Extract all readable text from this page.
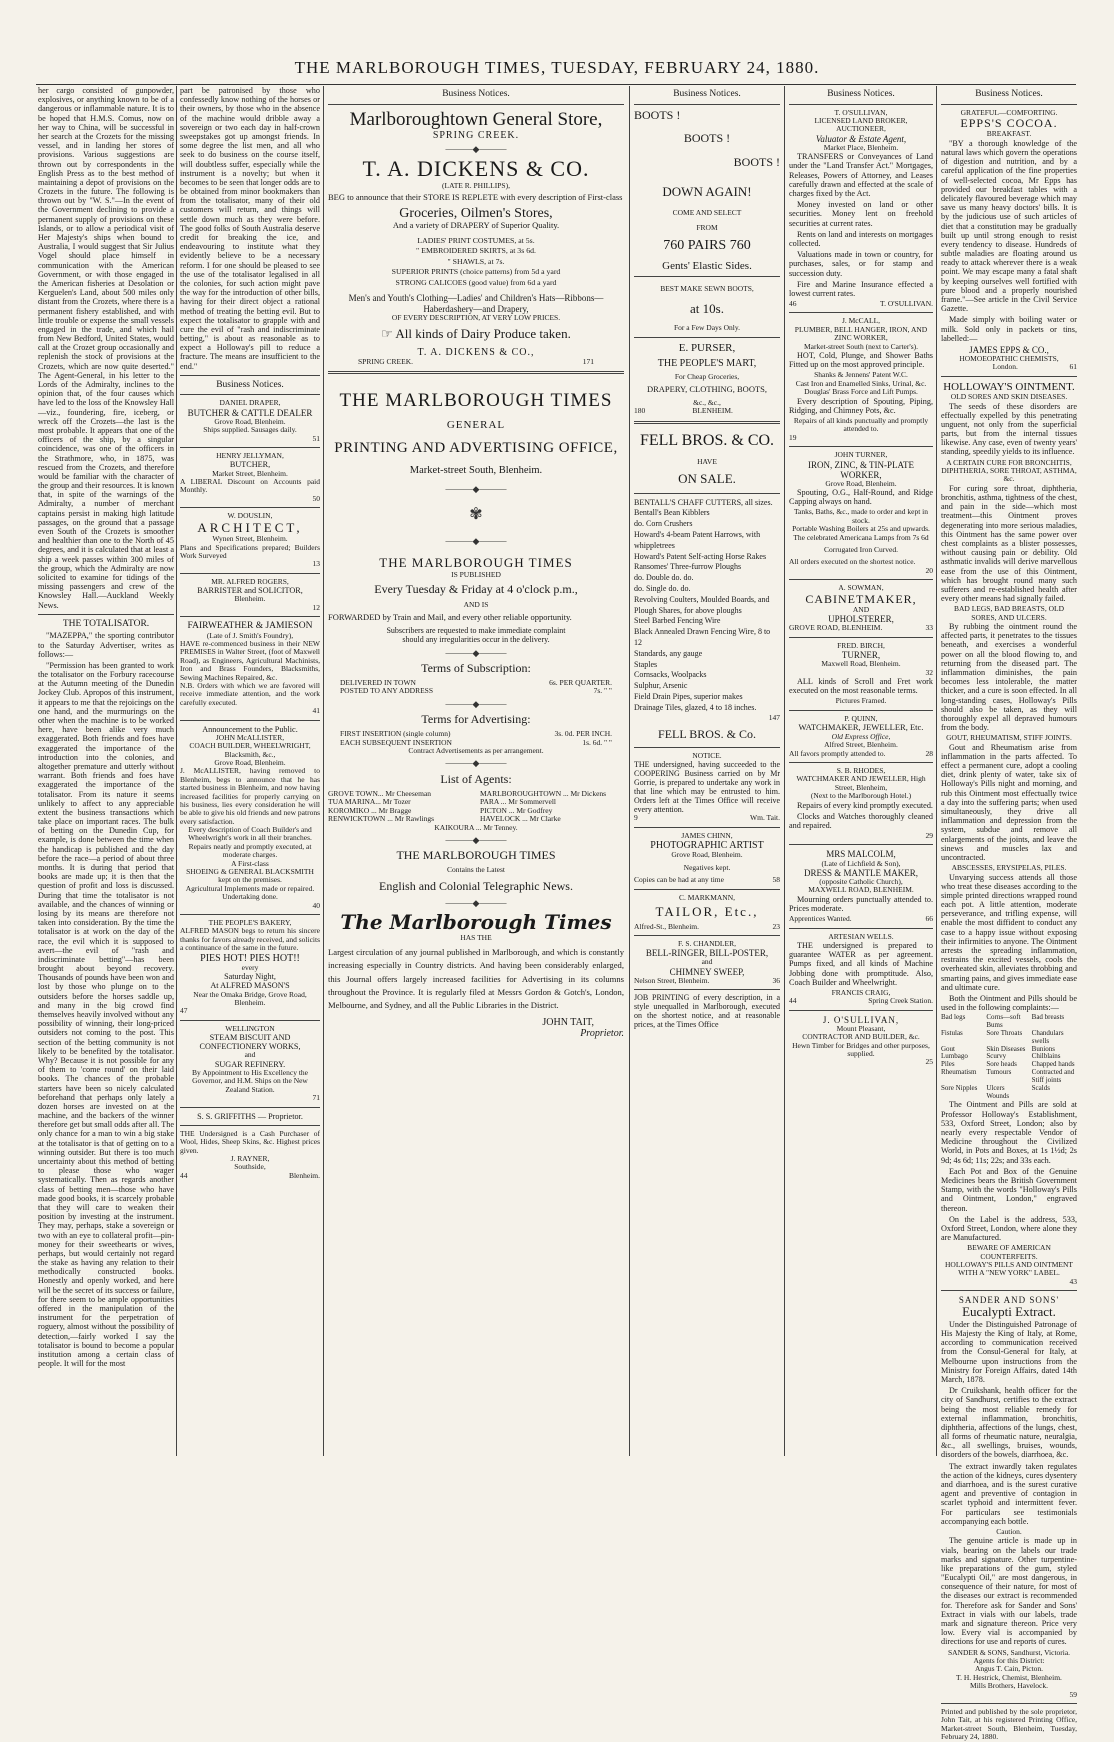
THE MARLBOROUGH TIMES, TUESDAY, FEBRUARY 24, 1880.

her cargo consisted of gunpowder, explosives, or anything known to be of a dangerous or inflammable nature. It is to be hoped that H.M.S. Comus, now on her way to China, will be successful in her search at the Crozets for the missing vessel, and in landing her stores of provisions. Various suggestions are thrown out by correspondents in the English Press as to the best method of maintaining a depot of provisions on the Crozets in the future. The following is thrown out by "W. S."—In the event of the Government declining to provide a permanent supply of provisions on these Islands, or to allow a periodical visit of Her Majesty's ships when bound to Australia, I would suggest that Sir Julius Vogel should place himself in communication with the American Government, or with those engaged in the American fisheries at Desolation or Kerguelen's Land, about 500 miles only distant from the Crozets, where there is a permanent fishery established, and with little trouble or expense the small vessels engaged in the trade, and which hail from New Bedford, United States, would call at the Crozet group occasionally and replenish the stock of provisions at the Crozets, which are now quite deserted." The Agent-General, in his letter to the Lords of the Admiralty, inclines to the opinion that, of the four causes which have led to the loss of the Knowsley Hall—viz., foundering, fire, iceberg, or wreck off the Crozets—the last is the most probable. It appears that one of the officers of the ship, by a singular coincidence, was one of the officers in the Strathmore, who, in 1875, was rescued from the Crozets, and therefore would be familiar with the character of the group and their resources. It is known that, in spite of the warnings of the Admiralty, a number of merchant captains persist in making high latitude passages, on the ground that a passage even South of the Crozets is smoother and healthier than one to the North of 45 degrees, and it is calculated that at least a ship a week passes within 300 miles of the group, which the Admiralty are now solicited to examine for tidings of the missing passengers and crew of the Knowsley Hall.—Auckland Weekly News.

THE TOTALISATOR.

"MAZEPPA," the sporting contributor to the Saturday Advertiser, writes as follows:—

"Permission has been granted to work the totalisator on the Forbury racecourse at the Autumn meeting of the Dunedin Jockey Club. Apropos of this instrument, it appears to me that the rejoicings on the one hand, and the murmurings on the other when the machine is to be worked here, have been alike very much exaggerated. Both friends and foes have exaggerated the importance of the introduction into the colonies, and altogether premature and utterly without warrant. Both friends and foes have exaggerated the importance of the totalisator. From its nature it seems unlikely to affect to any appreciable extent the business transactions which take place on important races. The bulk of betting on the Dunedin Cup, for example, is done between the time when the handicap is published and the day before the race—a period of about three months. It is during that period that books are made up; it is then that the question of profit and loss is discussed. During that time the totalisator is not available, and the chances of winning or losing by its means are therefore not taken into consideration. By the time the totalisator is at work on the day of the race, the evil which it is supposed to avert—the evil of "rash and indiscriminate betting"—has been brought about beyond recovery. Thousands of pounds have been won and lost by those who plunge on to the outsiders before the horses saddle up, and many in the big crowd find themselves heavily involved without any possibility of winning, their long-priced outsiders not coming to the post. This section of the betting community is not likely to be benefited by the totalisator. Why? Because it is not possible for any of them to 'come round' on their laid books. The chances of the probable starters have been so nicely calculated beforehand that perhaps only lately a dozen horses are invested on at the machine, and the backers of the winner therefore get but small odds after all. The only chance for a man to win a big stake at the totalisator is that of getting on to a winning outsider. But there is too much uncertainty about this method of betting to please those who wager systematically. Then as regards another class of betting men—those who have made good books, it is scarcely probable that they will care to weaken their position by investing at the instrument. They may, perhaps, stake a sovereign or two with an eye to collateral profit—pin-money for their sweethearts or wives, perhaps, but would certainly not regard the stake as having any relation to their methodically constructed books. Honestly and openly worked, and here will be the secret of its success or failure, for there seem to be ample opportunities offered in the manipulation of the instrument for the perpetration of roguery, almost without the possibility of detection,—fairly worked I say the totalisator is bound to become a popular institution among a certain class of people. It will for the most

part be patronised by those who confessedly know nothing of the horses or their owners, by those who in the absence of the machine would dribble away a sovereign or two each day in half-crown sweepstakes got up amongst friends. In some degree the list men, and all who seek to do business on the course itself, will doubtless suffer, especially while the instrument is a novelty; but when it becomes to be seen that longer odds are to be obtained from minor bookmakers than from the totalisator, many of their old customers will return, and things will settle down much as they were before. The good folks of South Australia deserve credit for breaking the ice, and endeavouring to institute what they evidently believe to be a necessary reform. I for one should be pleased to see the use of the totalisator legalised in all the colonies, for such action might pave the way for the introduction of other bills, having for their direct object a rational method of treating the betting evil. But to expect the totalisator to grapple with and cure the evil of "rash and indiscriminate betting," is about as reasonable as to expect a Holloway's pill to reduce a fracture. The means are insufficient to the end."

Business Notices.
DANIEL DRAPER,
BUTCHER & CATTLE DEALER
Grove Road, Blenheim.
Ships supplied. Sausages daily.
51
HENRY JELLYMAN,
BUTCHER,
Market Street, Blenheim.
A LIBERAL Discount on Accounts paid Monthly.
50
W. DOUSLIN,
ARCHITECT,
Wynen Street, Blenheim.
Plans and Specifications prepared; Builders Work Surveyed
13
MR. ALFRED ROGERS,
BARRISTER and SOLICITOR,
Blenheim.
12
FAIRWEATHER & JAMIESON
(Late of J. Smith's Foundry),
HAVE re-commenced business in their NEW PREMISES in Walter Street, (foot of Maxwell Road), as Engineers, Agricultural Machinists, Iron and Brass Founders, Blacksmiths, Sewing Machines Repaired, &c.
N.B. Orders with which we are favored will receive immediate attention, and the work carefully executed.
41
Announcement to the Public.
JOHN McALLISTER,
COACH BUILDER, WHEELWRIGHT,
Blacksmith, &c.,
Grove Road, Blenheim.
J. McALLISTER, having removed to Blenheim, begs to announce that he has started business in Blenheim, and now having increased facilities for properly carrying on his business, lies every consideration he will be able to give his old friends and new patrons every satisfaction.
Every description of Coach Builder's and Wheelwright's work in all their branches.
Repairs neatly and promptly executed, at moderate charges.
A First-class
SHOEING & GENERAL BLACKSMITH
kept on the premises.
Agricultural Implements made or repaired.
Undertaking done.
40
THE PEOPLE'S BAKERY,
ALFRED MASON begs to return his sincere thanks for favors already received, and solicits a continuance of the same in the future.
PIES HOT! PIES HOT!!
every
Saturday Night,
At ALFRED MASON'S
Near the Omaka Bridge, Grove Road,
Blenheim.
47
WELLINGTON
STEAM BISCUIT AND CONFECTIONERY WORKS,
and
SUGAR REFINERY.
By Appointment to His Excellency the Governor, and H.M. Ships on the New Zealand Station.
71
S. S. GRIFFITHS — Proprietor.
THE Undersigned is a Cash Purchaser of Wool, Hides, Sheep Skins, &c. Highest prices given.
J. RAYNER,
Southside,
44	Blenheim.
Business Notices.
Marlboroughtown General Store,
SPRING CREEK.
———◆———
T. A. DICKENS & CO.
(LATE R. PHILLIPS),
BEG to announce that their STORE IS REPLETE with every description of First-class
Groceries, Oilmen's Stores,
And a variety of DRAPERY of Superior Quality.
LADIES' PRINT COSTUMES, at 5s.
" EMBROIDERED SKIRTS, at 3s 6d.
" SHAWLS, at 7s.
SUPERIOR PRINTS (choice patterns) from 5d a yard
STRONG CALICOES (good value) from 6d a yard
Men's and Youth's Clothing—Ladies' and Children's Hats—Ribbons—Haberdashery—and Drapery,
OF EVERY DESCRIPTION, AT VERY LOW PRICES.
☞ All kinds of Dairy Produce taken.
T. A. DICKENS & CO.,
SPRING CREEK.	171
THE MARLBOROUGH TIMES
GENERAL
PRINTING AND ADVERTISING OFFICE,
Market-street South, Blenheim.
———◆———
✾
———◆———
THE MARLBOROUGH TIMES
IS PUBLISHED
Every Tuesday & Friday at 4 o'clock p.m.,
AND IS
FORWARDED by Train and Mail, and every other reliable opportunity.
Subscribers are requested to make immediate complaint
should any irregularities occur in the delivery.
———◆———
Terms of Subscription:
DELIVERED IN TOWN	6s. PER QUARTER.
POSTED TO ANY ADDRESS	7s. " "
———◆———
Terms for Advertising:
FIRST INSERTION (single column)	3s. 0d. PER INCH.
EACH SUBSEQUENT INSERTION	1s. 6d. " "
Contract Advertisements as per arrangement.
———◆———
List of Agents:
GROVE TOWN... Mr Cheeseman	MARLBOROUGHTOWN ... Mr Dickens
TUA MARINA... Mr Tozer	PARA ... Mr Sommervell
KOROMIKO ... Mr Bragge	PICTON ... Mr Godfrey
RENWICKTOWN ... Mr Rawlings	HAVELOCK ... Mr Clarke
KAIKOURA ... Mr Tenney.
———◆———
THE MARLBOROUGH TIMES
Contains the Latest
English and Colonial Telegraphic News.
———◆———
The Marlborough Times
HAS THE
Largest circulation of any journal published in Marlborough, and which is constantly increasing especially in Country districts. And having been considerably enlarged, this Journal offers largely increased facilities for Advertising in its columns throughout the Province. It is regularly filed at Messrs Gordon & Gotch's, London, Melbourne, and Sydney, and all the Public Libraries in the District.
JOHN TAIT,
Proprietor.
Business Notices.
BOOTS !
BOOTS !
BOOTS !
DOWN AGAIN!
COME AND SELECT
FROM
760 PAIRS 760
Gents' Elastic Sides.
BEST MAKE SEWN BOOTS,
at 10s.
For a Few Days Only.
E. PURSER,
THE PEOPLE'S MART,
For Cheap Groceries,
DRAPERY, CLOTHING, BOOTS,
&c., &c.,
180	BLENHEIM.
FELL BROS. & CO.
HAVE
ON SALE.
BENTALL'S CHAFF CUTTERS, all sizes.
Bentall's Bean Kibblers
do. Corn Crushers
Howard's 4-beam Patent Harrows, with whippletrees
Howard's Patent Self-acting Horse Rakes
Ransomes' Three-furrow Ploughs
do. Double do. do.
do. Single do. do.
Revolving Coulters, Moulded Boards, and Plough Shares, for above ploughs
Steel Barbed Fencing Wire
Black Annealed Drawn Fencing Wire, 8 to 12
Standards, any gauge
Staples
Cornsacks, Woolpacks
Sulphur, Arsenic
Field Drain Pipes, superior makes
Drainage Tiles, glazed, 4 to 18 inches.
147
FELL BROS. & Co.
NOTICE.
THE undersigned, having succeeded to the COOPERING Business carried on by Mr Gorrie, is prepared to undertake any work in that line which may be entrusted to him. Orders left at the Times Office will receive every attention.
9	Wm. Tait.
JAMES CHINN,
PHOTOGRAPHIC ARTIST
Grove Road, Blenheim.
Negatives kept.
Copies can be had at any time	58
C. MARKMANN,
TAILOR, Etc.,
Alfred-St., Blenheim.	23
F. S. CHANDLER,
BELL-RINGER, BILL-POSTER,
and
CHIMNEY SWEEP,
Nelson Street, Blenheim.	36
JOB PRINTING of every description, in a style unequalled in Marlborough, executed on the shortest notice, and at reasonable prices, at the Times Office
Business Notices.
T. O'SULLIVAN,
LICENSED LAND BROKER,
AUCTIONEER,
Valuator & Estate Agent,
Market Place, Blenheim.

TRANSFERS or Conveyances of Land under the "Land Transfer Act." Mortgages, Releases, Powers of Attorney, and Leases carefully drawn and effected at the scale of charges fixed by the Act.

Money invested on land or other securities. Money lent on freehold securities at current rates.

Rents on land and interests on mortgages collected.

Valuations made in town or country, for purchases, sales, or for stamp and succession duty.

Fire and Marine Insurance effected a lowest current rates.

46	T. O'SULLIVAN.
J. McCALL,
PLUMBER, BELL HANGER, IRON, AND ZINC WORKER,
Market-street South (next to Carter's).

HOT, Cold, Plunge, and Shower Baths Fitted up on the most approved principle.

Shanks & Jennens' Patent W.C.
Cast Iron and Enamelled Sinks, Urinal, &c.
Douglas' Brass Force and Lift Pumps.

Every description of Spouting, Piping, Ridging, and Chimney Pots, &c.

Repairs of all kinds punctually and promptly attended to.
19
JOHN TURNER,
IRON, ZINC, & TIN-PLATE WORKER,
Grove Road, Blenheim.

Spouting, O.G., Half-Round, and Ridge Capping always on hand.

Tanks, Baths, &c., made to order and kept in stock.
Portable Washing Boilers at 25s and upwards.
The celebrated Americana Lamps from 7s 6d
Corrugated Iron Curved.
All orders executed on the shortest notice.
20
A. SOWMAN,
CABINETMAKER,
AND
UPHOLSTERER,
GROVE ROAD, BLENHEIM.	33
FRED. BIRCH,
TURNER,
Maxwell Road, Blenheim.
32

ALL kinds of Scroll and Fret work executed on the most reasonable terms.

Pictures Framed.
P. QUINN,
WATCHMAKER, JEWELLER, Etc.
Old Express Office,
Alfred Street, Blenheim.
All favors promptly attended to.	28
S. B. RHODES,
WATCHMAKER AND JEWELLER, High Street, Blenheim,
(Next to the Marlborough Hotel.)

Repairs of every kind promptly executed.

Clocks and Watches thoroughly cleaned and repaired.

29
MRS MALCOLM,
(Late of Lichfield & Son),
DRESS & MANTLE MAKER,
(opposite Catholic Church),
MAXWELL ROAD, BLENHEIM.

Mourning orders punctually attended to. Prices moderate.

Apprentices Wanted.	66
ARTESIAN WELLS.

THE undersigned is prepared to guarantee WATER as per agreement. Pumps fixed, and all kinds of Machine Jobbing done with promptitude. Also, Coach Builder and Wheelwright.

FRANCIS CRAIG,
44	Spring Creek Station.
J. O'SULLIVAN,
Mount Pleasant,
CONTRACTOR AND BUILDER, &c.
Hewn Timber for Bridges and other purposes, supplied.
25
Business Notices.
GRATEFUL—COMFORTING.
EPPS'S COCOA.
BREAKFAST.

"BY a thorough knowledge of the natural laws which govern the operations of digestion and nutrition, and by a careful application of the fine properties of well-selected cocoa, Mr Epps has provided our breakfast tables with a delicately flavoured beverage which may save us many heavy doctors' bills. It is by the judicious use of such articles of diet that a constitution may be gradually built up until strong enough to resist every tendency to disease. Hundreds of subtle maladies are floating around us ready to attack wherever there is a weak point. We may escape many a fatal shaft by keeping ourselves well fortified with pure blood and a properly nourished frame."—See article in the Civil Service Gazette.

Made simply with boiling water or milk. Sold only in packets or tins, labelled:—

JAMES EPPS & CO.,
HOMOEOPATHIC CHEMISTS,
London.	61
HOLLOWAY'S OINTMENT.
OLD SORES AND SKIN DISEASES.

The seeds of these disorders are effectually expelled by this penetrating unguent, not only from the superficial parts, but from the internal tissues likewise. Any case, even of twenty years' standing, speedily yields to its influence.

A CERTAIN CURE FOR BRONCHITIS, DIPHTHERIA, SORE THROAT, ASTHMA, &c.

For curing sore throat, diphtheria, bronchitis, asthma, tightness of the chest, and pain in the side—which most treatment—this Ointment proves degenerating into more serious maladies, this Ointment has the same power over chest complaints as a blister possesses, without causing pain or debility. Old asthmatic invalids will derive marvellous ease from the use of this Ointment, which has brought round many such sufferers and re-established health after every other means had signally failed.

BAD LEGS, BAD BREASTS, OLD SORES, AND ULCERS.

By rubbing the ointment round the affected parts, it penetrates to the tissues beneath, and exercises a wonderful power on all the blood flowing to, and returning from the diseased part. The inflammation diminishes, the pain becomes less intolerable, the matter thicker, and a cure is soon effected. In all long-standing cases, Holloway's Pills should also be taken, as they will thoroughly expel all depraved humours from the body.

GOUT, RHEUMATISM, STIFF JOINTS.

Gout and Rheumatism arise from inflammation in the parts affected. To effect a permanent cure, adopt a cooling diet, drink plenty of water, take six of Holloway's Pills night and morning, and rub this Ointment most effectually twice a day into the suffering parts; when used simultaneously, they drive all inflammation and depression from the system, subdue and remove all enlargements of the joints, and leave the sinews and muscles lax and uncontracted.

ABSCESSES, ERYSIPELAS, PILES.

Unvarying success attends all those who treat these diseases according to the simple printed directions wrapped round each pot. A little attention, moderate perseverance, and trifling expense, will enable the most diffident to conduct any case to a happy issue without exposing their infirmities to anyone. The Ointment arrests the spreading inflammation, restrains the excited vessels, cools the overheated skin, alleviates throbbing and smarting pains, and gives immediate ease and ultimate cure.

Both the Ointment and Pills should be used in the following complaints:—

Bad legs	Corns—soft Bums
Bad breasts
Fistulas	Sore Throats	Chandulars swells
Gout	Skin Diseases Bunions
Lumbago	Scurvy	Chilblains
Piles	Sore heads	Chapped hands
Rheumatism	Tumours	Contracted and Stiff joints
Sore Nipples	Ulcers	Scalds
Wounds

The Ointment and Pills are sold at Professor Holloway's Establishment, 533, Oxford Street, London; also by nearly every respectable Vendor of Medicine throughout the Civilized World, in Pots and Boxes, at 1s 1½d; 2s 9d; 4s 6d; 11s; 22s; and 33s each.

Each Pot and Box of the Genuine Medicines bears the British Government Stamp, with the words "Holloway's Pills and Ointment, London," engraved thereon.

On the Label is the address, 533, Oxford Street, London, where alone they are Manufactured.

BEWARE OF AMERICAN COUNTERFEITS.
HOLLOWAY'S PILLS AND OINTMENT WITH A "NEW YORK" LABEL.
43
SANDER AND SONS'
Eucalypti Extract.

Under the Distinguished Patronage of His Majesty the King of Italy, at Rome, according to communication received from the Consul-General for Italy, at Melbourne upon instructions from the Ministry for Foreign Affairs, dated 14th March, 1878.

Dr Cruikshank, health officer for the city of Sandhurst, certifies to the extract being the most reliable remedy for external inflammation, bronchitis, diphtheria, affections of the lungs, chest, all forms of rheumatic nature, neuralgia, &c., all swellings, bruises, wounds, disorders of the bowels, diarrhoea, &c.

The extract inwardly taken regulates the action of the kidneys, cures dysentery and diarrhoea, and is the surest curative agent and preventive of contagion in scarlet typhoid and intermittent fever. For particulars see testimonials accompanying each bottle.

Caution.

The genuine article is made up in vials, bearing on the labels our trade marks and signature. Other turpentine-like preparations of the gum, styled "Eucalypti Oil," are most dangerous, in consequence of their nature, for most of the diseases our extract is recommended for. Therefore ask for Sander and Sons' Extract in vials with our labels, trade mark and signature thereon. Price very low. Every vial is accompanied by directions for use and reports of cures.

SANDER & SONS, Sandhurst, Victoria.
Agents for this District:
Angus T. Cain, Picton.
T. H. Hestrick, Chemist, Blenheim.
Mills Brothers, Havelock.
59
Printed and published by the sole proprietor, John Tait, at his registered Printing Office, Market-street South, Blenheim, Tuesday, February 24, 1880.
